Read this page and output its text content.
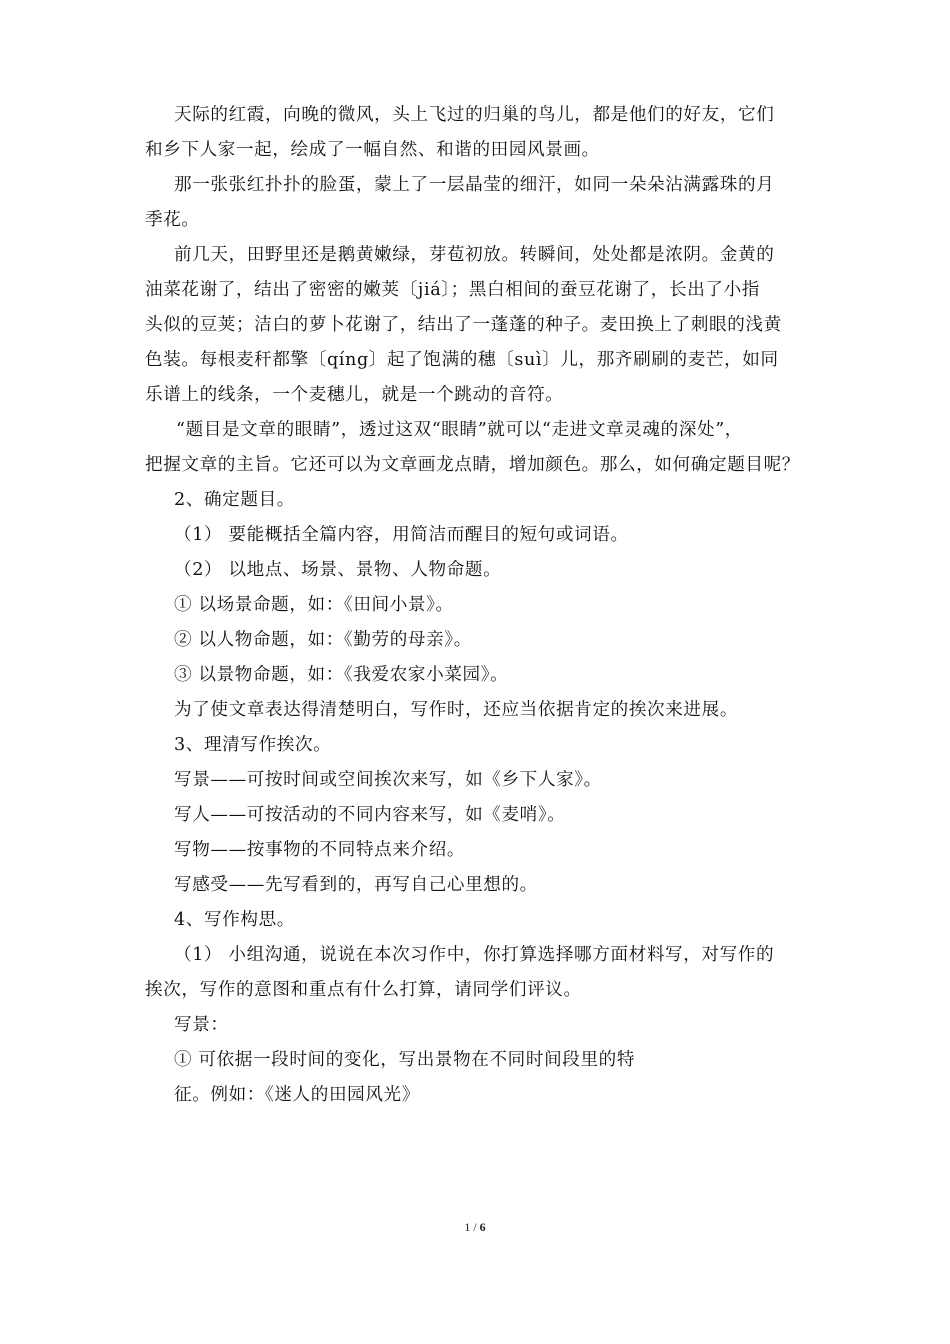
天际的红霞，向晚的微风，头上飞过的归巢的鸟儿，都是他们的好友，它们

和乡下人家一起，绘成了一幅自然、和谐的田园风景画。

那一张张红扑扑的脸蛋，蒙上了一层晶莹的细汗，如同一朵朵沾满露珠的月

季花。

前几天，田野里还是鹅黄嫩绿，芽苞初放。转瞬间，处处都是浓阴。金黄的

油菜花谢了，结出了密密的嫩荚〔jiá〕；黑白相间的蚕豆花谢了，长出了小指

头似的豆荚；洁白的萝卜花谢了，结出了一蓬蓬的种子。麦田换上了刺眼的浅黄

色装。每根麦秆都擎〔qíng〕起了饱满的穗〔suì〕儿，那齐刷刷的麦芒，如同

乐谱上的线条，一个麦穗儿，就是一个跳动的音符。

“题目是文章的眼睛”，透过这双“眼睛”就可以“走进文章灵魂的深处”，

把握文章的主旨。它还可以为文章画龙点睛，增加颜色。那么，如何确定题目呢？

2、确定题目。

（1） 要能概括全篇内容，用简洁而醒目的短句或词语。

（2） 以地点、场景、景物、人物命题。

① 以场景命题，如：《田间小景》。

② 以人物命题，如：《勤劳的母亲》。

③ 以景物命题，如：《我爱农家小菜园》。

为了使文章表达得清楚明白，写作时，还应当依据肯定的挨次来进展。

3、理清写作挨次。

写景——可按时间或空间挨次来写，如《乡下人家》。

写人——可按活动的不同内容来写，如《麦哨》。

写物——按事物的不同特点来介绍。

写感受——先写看到的，再写自己心里想的。

4、写作构思。

（1） 小组沟通，说说在本次习作中，你打算选择哪方面材料写，对写作的

挨次，写作的意图和重点有什么打算，请同学们评议。

写景：

① 可依据一段时间的变化，写出景物在不同时间段里的特

征。例如：《迷人的田园风光》

1 / 6
